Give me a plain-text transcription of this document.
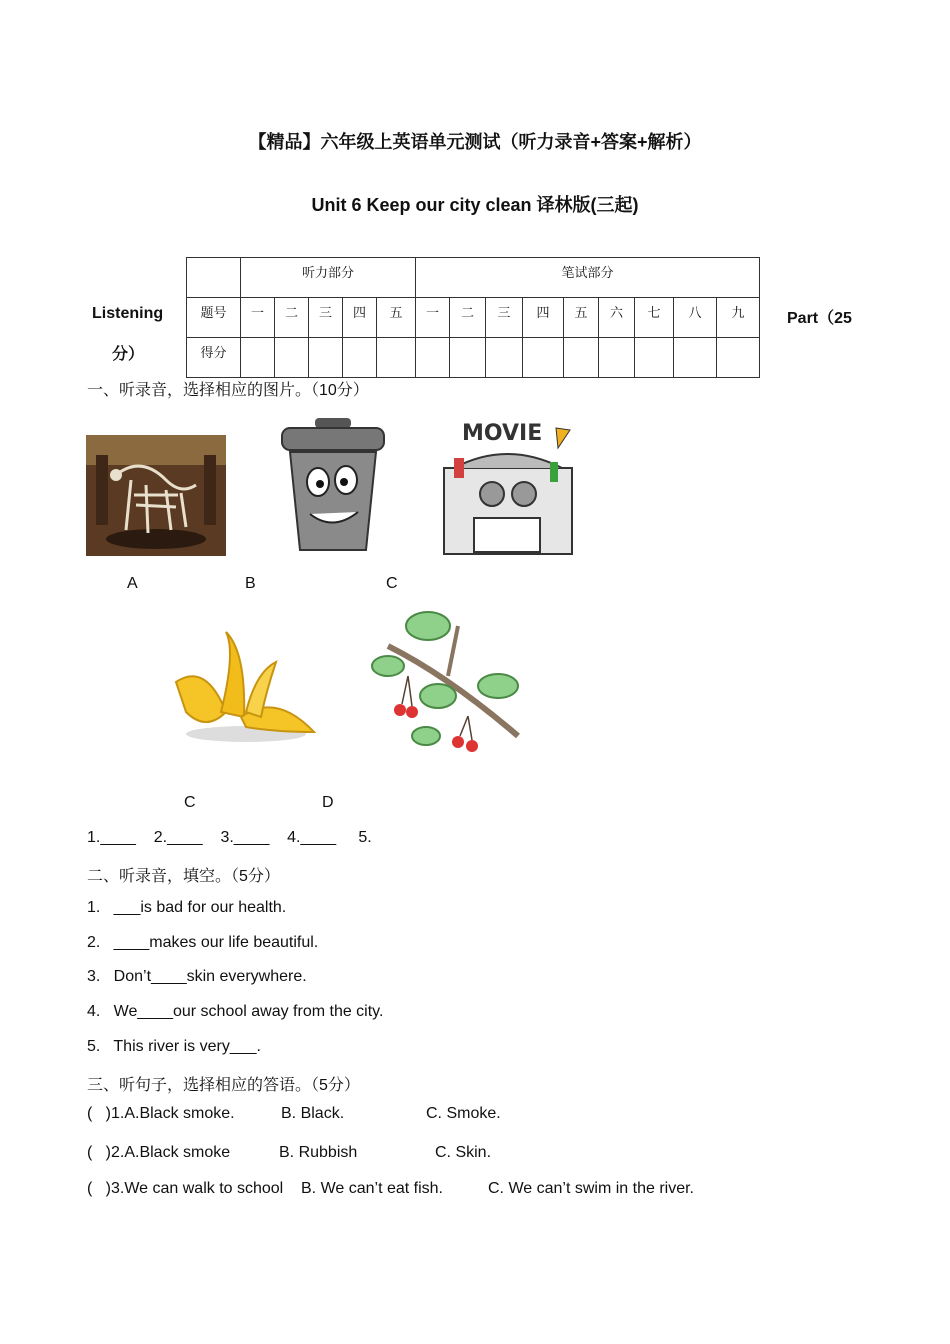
【精品】六年级上英语单元测试（听力录音+答案+解析）
Unit 6 Keep our city clean 译林版(三起)
Listening
分）
Part（25
	听力部分					笔试部分								
题号	一	二	三	四	五	一	二	三	四	五	六	七	八	九
得分														
一、听录音，选择相应的图片。（10分）
MOVIE
A	B	C
C	D
1.____    2.____    3.____    4.____     5.
二、听录音，填空。（5分）
1.   ___is bad for our health.
2.   ____makes our life beautiful.
3.   Don’t____skin everywhere.
4.   We____our school away from the city.
5.   This river is very___.
三、听句子，选择相应的答语。（5分）
(   )1.A.Black smoke.	B. Black.	C. Smoke.
(   )2.A.Black smoke	B. Rubbish	C. Skin.
(   )3.We can walk to school B. We can’t eat fish.	C. We can’t swim in the river.
